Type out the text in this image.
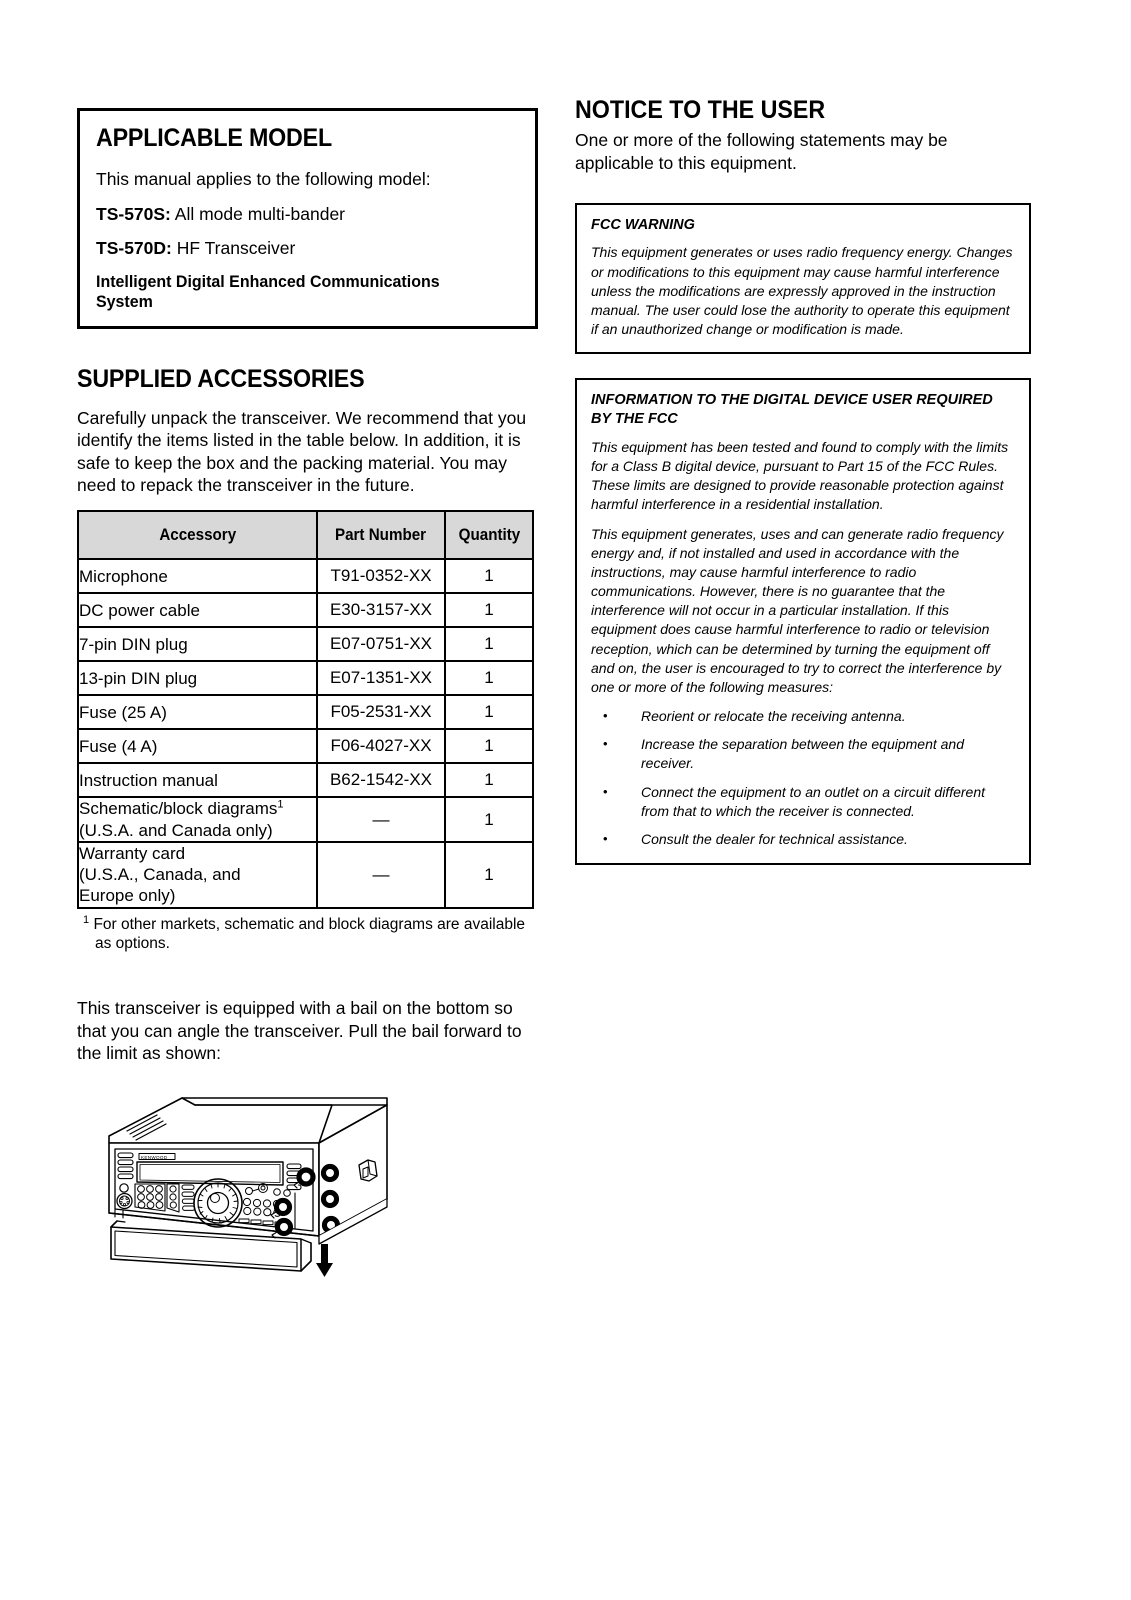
APPLICABLE MODEL

This manual applies to the following model:

TS-570S: All mode multi-bander

TS-570D: HF Transceiver

Intelligent Digital Enhanced Communications System
SUPPLIED ACCESSORIES

Carefully unpack the transceiver. We recommend that you identify the items listed in the table below. In addition, it is safe to keep the box and the packing material. You may need to repack the transceiver in the future.

Accessory	Part Number	Quantity
Microphone	T91-0352-XX	1
DC power cable	E30-3157-XX	1
7-pin DIN plug	E07-0751-XX	1
13-pin DIN plug	E07-1351-XX	1
Fuse (25 A)	F05-2531-XX	1
Fuse (4 A)	F06-4027-XX	1
Instruction manual	B62-1542-XX	1
Schematic/block diagrams$^1$
(U.S.A. and Canada only)	—	1
Warranty card
(U.S.A., Canada, and
Europe only)	—	1

$^1$ For other markets, schematic and block diagrams are available as options.

This transceiver is equipped with a bail on the bottom so that you can angle the transceiver. Pull the bail forward to the limit as shown:

KENWOOD
NOTICE TO THE USER

One or more of the following statements may be applicable to this equipment.

FCC WARNING

This equipment generates or uses radio frequency energy. Changes or modifications to this equipment may cause harmful interference unless the modifications are expressly approved in the instruction manual. The user could lose the authority to operate this equipment if an unauthorized change or modification is made.

INFORMATION TO THE DIGITAL DEVICE USER REQUIRED BY THE FCC

This equipment has been tested and found to comply with the limits for a Class B digital device, pursuant to Part 15 of the FCC Rules. These limits are designed to provide reasonable protection against harmful interference in a residential installation.

This equipment generates, uses and can generate radio frequency energy and, if not installed and used in accordance with the instructions, may cause harmful interference to radio communications. However, there is no guarantee that the interference will not occur in a particular installation. If this equipment does cause harmful interference to radio or television reception, which can be determined by turning the equipment off and on, the user is encouraged to try to correct the interference by one or more of the following measures:

• Reorient or relocate the receiving antenna.
• Increase the separation between the equipment and receiver.
• Connect the equipment to an outlet on a circuit different from that to which the receiver is connected.
• Consult the dealer for technical assistance.
